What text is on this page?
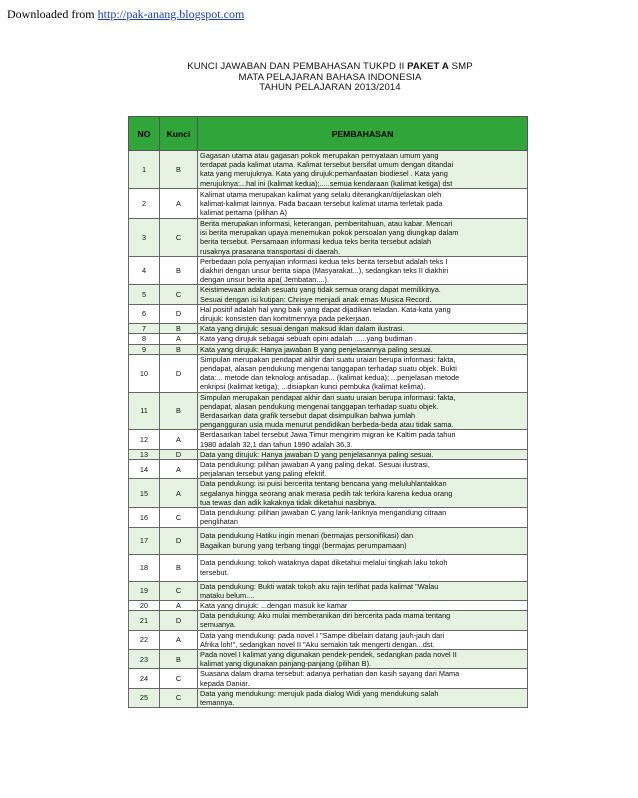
Downloaded from http://pak-anang.blogspot.com
KUNCI JAWABAN DAN PEMBAHASAN TUKPD II PAKET A SMP
MATA PELAJARAN BAHASA INDONESIA
TAHUN PELAJARAN 2013/2014
NO	Kunci	PEMBAHASAN
1	B	Gagasan utama atau gagasan pokok merupakan pernyataan umum yang
terdapat pada kalimat utama. Kalimat tersebut bersifat umum dengan ditandai
kata yang merujuknya. Kata yang dirujuk:pemanfaatan biodiesel . Kata yang
merujuknya:...hal ini (kalimat kedua);.....semua kendaraan (kalimat ketiga) dst

2	A	Kalimat utama merupakan kalimat yang selalu diterangkan/dijelaskan oleh
kalimat-kalimat lainnya. Pada bacaan tersebut kalimat utama terletak pada
kalimat pertama (pilihan A)

3	C	Berita merupakan informasi, keterangan, pemberitahuan, atau kabar. Mencari
isi berita merupakan upaya menemukan pokok persoalan yang diungkap dalam
berita tersebut. Persamaan informasi kedua teks berita tersebut adalah
rusaknya prasarana transportasi di daerah.

4	B	Perbedaan pola penyajian informasi kedua teks berita tersebut adalah teks I
diakhiri dengan unsur berita siapa (Masyarakat...), sedangkan teks II diakhiri
dengan unsur berita apa( Jembatan....).

5	C	Keistimewaan adalah sesuatu yang tidak semua orang dapat memilikinya.
Sesuai dengan isi kutipan: Chrisye menjadi anak emas Musica Record.

6	D	Hal positif adalah hal yang baik yang dapat dijadikan teladan. Kata-kata yang
dirujuk: konsisten dan komitmennya pada pekerjaan.

7	B	Kata yang dirujuk: sesuai dengan maksud iklan dalam ilustrasi.

8	A	Kata yang dirujuk sebagai sebuah opini adalah ......yang budiman .

9	B	Kata yang dirujuk: Hanya jawaban B yang penjelasannya paling sesuai.

10	D	Simpulan merupakan pendapat akhir dari suatu uraian berupa informasi: fakta,
pendapat, alasan pendukung mengenai tanggapan terhadap suatu objek. Bukti
data:... metode dan teknologi antisadap... (kalimat kedua); ...penjelasan metode
enkripsi (kalimat ketiga); ...disiapkan kunci pembuka (kalimat kelima).

11	B	Simpulan merupakan pendapat akhir dari suatu uraian berupa informasi: fakta,
pendapat, alasan pendukung mengenai tanggapan terhadap suatu objek.
Berdasarkan data grafik tersebut dapat disimpulkan bahwa jumlah
pengangguran usia muda menurut pendidikan berbeda-beda atau tidak sama.

12	A	Berdasarkan tabel tersebut Jawa Timur mengirim migran ke Kaltim pada tahun
1980 adalah 32,1 dan tahun 1990 adalah 36,3.

13	D	Data yang dirujuk: Hanya jawaban D yang penjelasannya paling sesuai.

14	A	Data pendukung: pilihan jawaban A yang paling dekat. Sesuai ilustrasi,
perjalanan tersebut yang paling efektif.

15	A	Data pendukung: isi puisi bercerita tentang bencana yang meluluhlantakkan
segalanya hingga seorang anak merasa pedih tak terkira karena kedua orang
tua tewas dan adik kakaknya tidak diketahui nasibnya.

16	C	Data pendukung: pilihan jawaban C yang larik-lariknya mengandung citraan
penglihatan

17	D	Data pendukung Hatiku ingin menari (bermajas personifikasi) dan
Bagaikan burung yang terbang tinggi (bermajas perumpamaan)

18	B	Data pendukung: tokoh wataknya dapat diketahui melalui tingkah laku tokoh
tersebut.

19	C	Data pendukung: Bukti watak tokoh aku rajin terlihat pada kalimat "Walau
mataku belum....

20	A	Kata yang dirujuk: ...dengan masuk ke kamar

21	D	Data pendukung: Aku mulai memberanikan diri bercerita pada mama tentang
semuanya.

22	A	Data yang mendukung: pada novel I "Sampe dibelain datang jauh-jauh dari
Afrika loh!", sedangkan novel II "Aku semakin tak mengerti dengan...dst.

23	B	Pada novel I kalimat yang digunakan pendek-pendek, sedangkan pada novel II
kalimat yang digunakan panjang-panjang (pilihan B).

24	C	Suasana dalam drama tersebut: adanya perhatian dan kasih sayang dari Mama
kepada Daniar.

25	C	Data yang mendukung: merujuk pada dialog Widi yang mendukung salah
temannya.
